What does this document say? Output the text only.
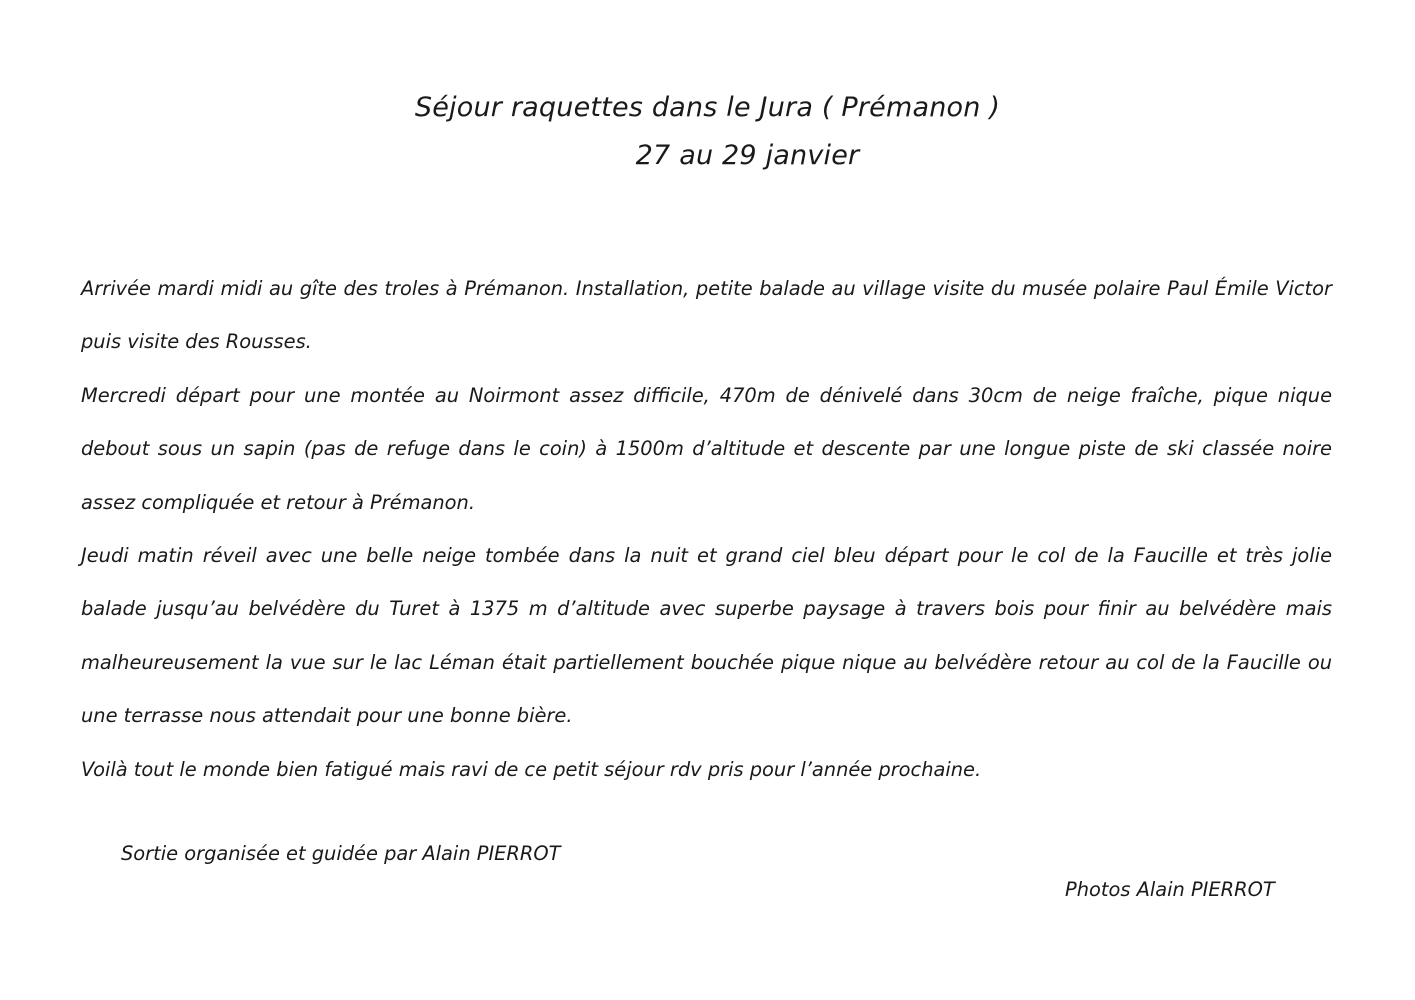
Séjour raquettes dans le Jura ( Prémanon )
27 au 29 janvier

Arrivée mardi midi au gîte des troles à Prémanon. Installation, petite balade au village visite du musée polaire Paul Émile Victor puis visite des Rousses.

Mercredi départ pour une montée au Noirmont assez difficile, 470m de dénivelé dans 30cm de neige fraîche, pique nique debout sous un sapin (pas de refuge dans le coin) à 1500m d’altitude et descente par une longue piste de ski classée noire assez compliquée et retour à Prémanon.

Jeudi matin réveil avec une belle neige tombée dans la nuit et grand ciel bleu départ pour le col de la Faucille et très jolie balade jusqu’au belvédère du Turet à 1375 m d’altitude avec superbe paysage à travers bois pour finir au belvédère mais malheureusement la vue sur le lac Léman était partiellement bouchée pique nique au belvédère retour au col de la Faucille ou une terrasse nous attendait pour une bonne bière.

Voilà tout le monde bien fatigué mais ravi de ce petit séjour rdv pris pour l’année prochaine.

Sortie organisée et guidée par Alain PIERROT
Photos Alain PIERROT
